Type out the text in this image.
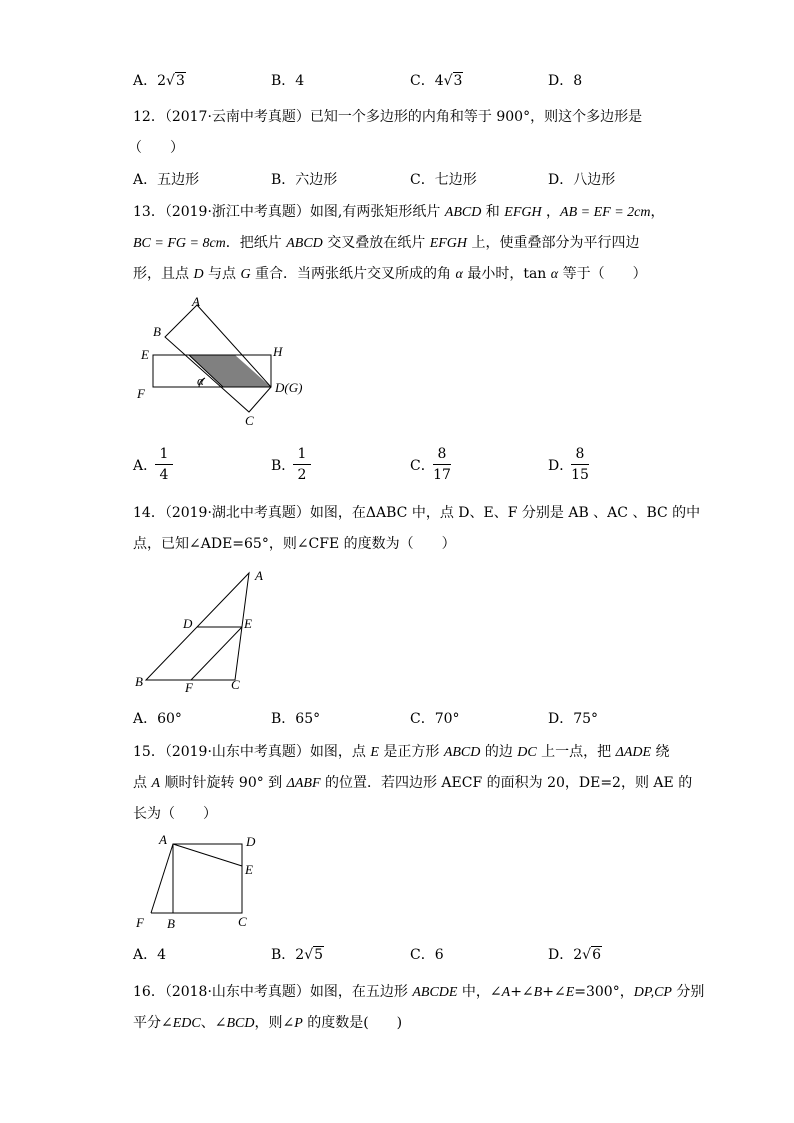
A．2√3	B．4	C．4√3	D．8
12．（2017·云南中考真题）已知一个多边形的内角和等于 900°，则这个多边形是
（　　）
A．五边形	B．六边形	C．七边形	D．八边形
13．（2019·浙江中考真题）如图,有两张矩形纸片 ABCD 和 EFGH ，AB = EF = 2cm，
BC = FG = 8cm．把纸片 ABCD 交叉叠放在纸片 EFGH 上，使重叠部分为平行四边
形，且点 D 与点 G 重合．当两张纸片交叉所成的角 α 最小时，tan α 等于（　　）
A
B
E	H
F	D(G)
C
α
A．
1
4
B．
1
2
C．
8
17
D．
8
15
14．（2019·湖北中考真题）如图，在ΔABC 中，点 D、E、F 分别是 AB 、AC 、BC 的中
点，已知∠ADE=65°，则∠CFE 的度数为（　　）
A
D	E
B	F	C
A．60°	B．65°	C．70°	D．75°
15．（2019·山东中考真题）如图，点 E 是正方形 ABCD 的边 DC 上一点，把 ΔADE 绕
点 A 顺时针旋转 90° 到 ΔABF 的位置．若四边形 AECF 的面积为 20，DE=2，则 AE 的
长为（　　）
A	D
E
F B	C
A．4	B．2√5	C．6	D．2√6
16．（2018·山东中考真题）如图，在五边形 ABCDE 中，∠A+∠B+∠E=300°，DP,CP 分别
平分∠EDC、∠BCD，则∠P 的度数是(　　)
